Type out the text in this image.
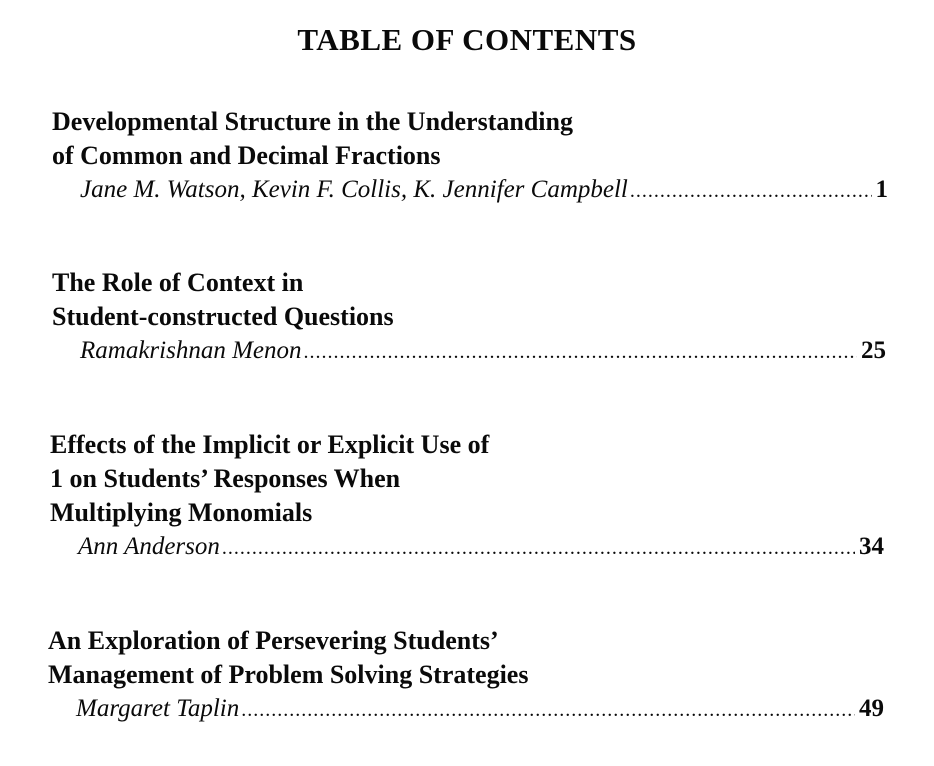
TABLE OF CONTENTS
Developmental Structure in the Understanding
of Common and Decimal Fractions
Jane M. Watson, Kevin F. Collis, K. Jennifer Campbell .....	1
The Role of Context in
Student-constructed Questions
Ramakrishnan Menon .....	25
Effects of the Implicit or Explicit Use of
1 on Students’ Responses When
Multiplying Monomials
Ann Anderson .....	34
An Exploration of Persevering Students’
Management of Problem Solving Strategies
Margaret Taplin .....	49
